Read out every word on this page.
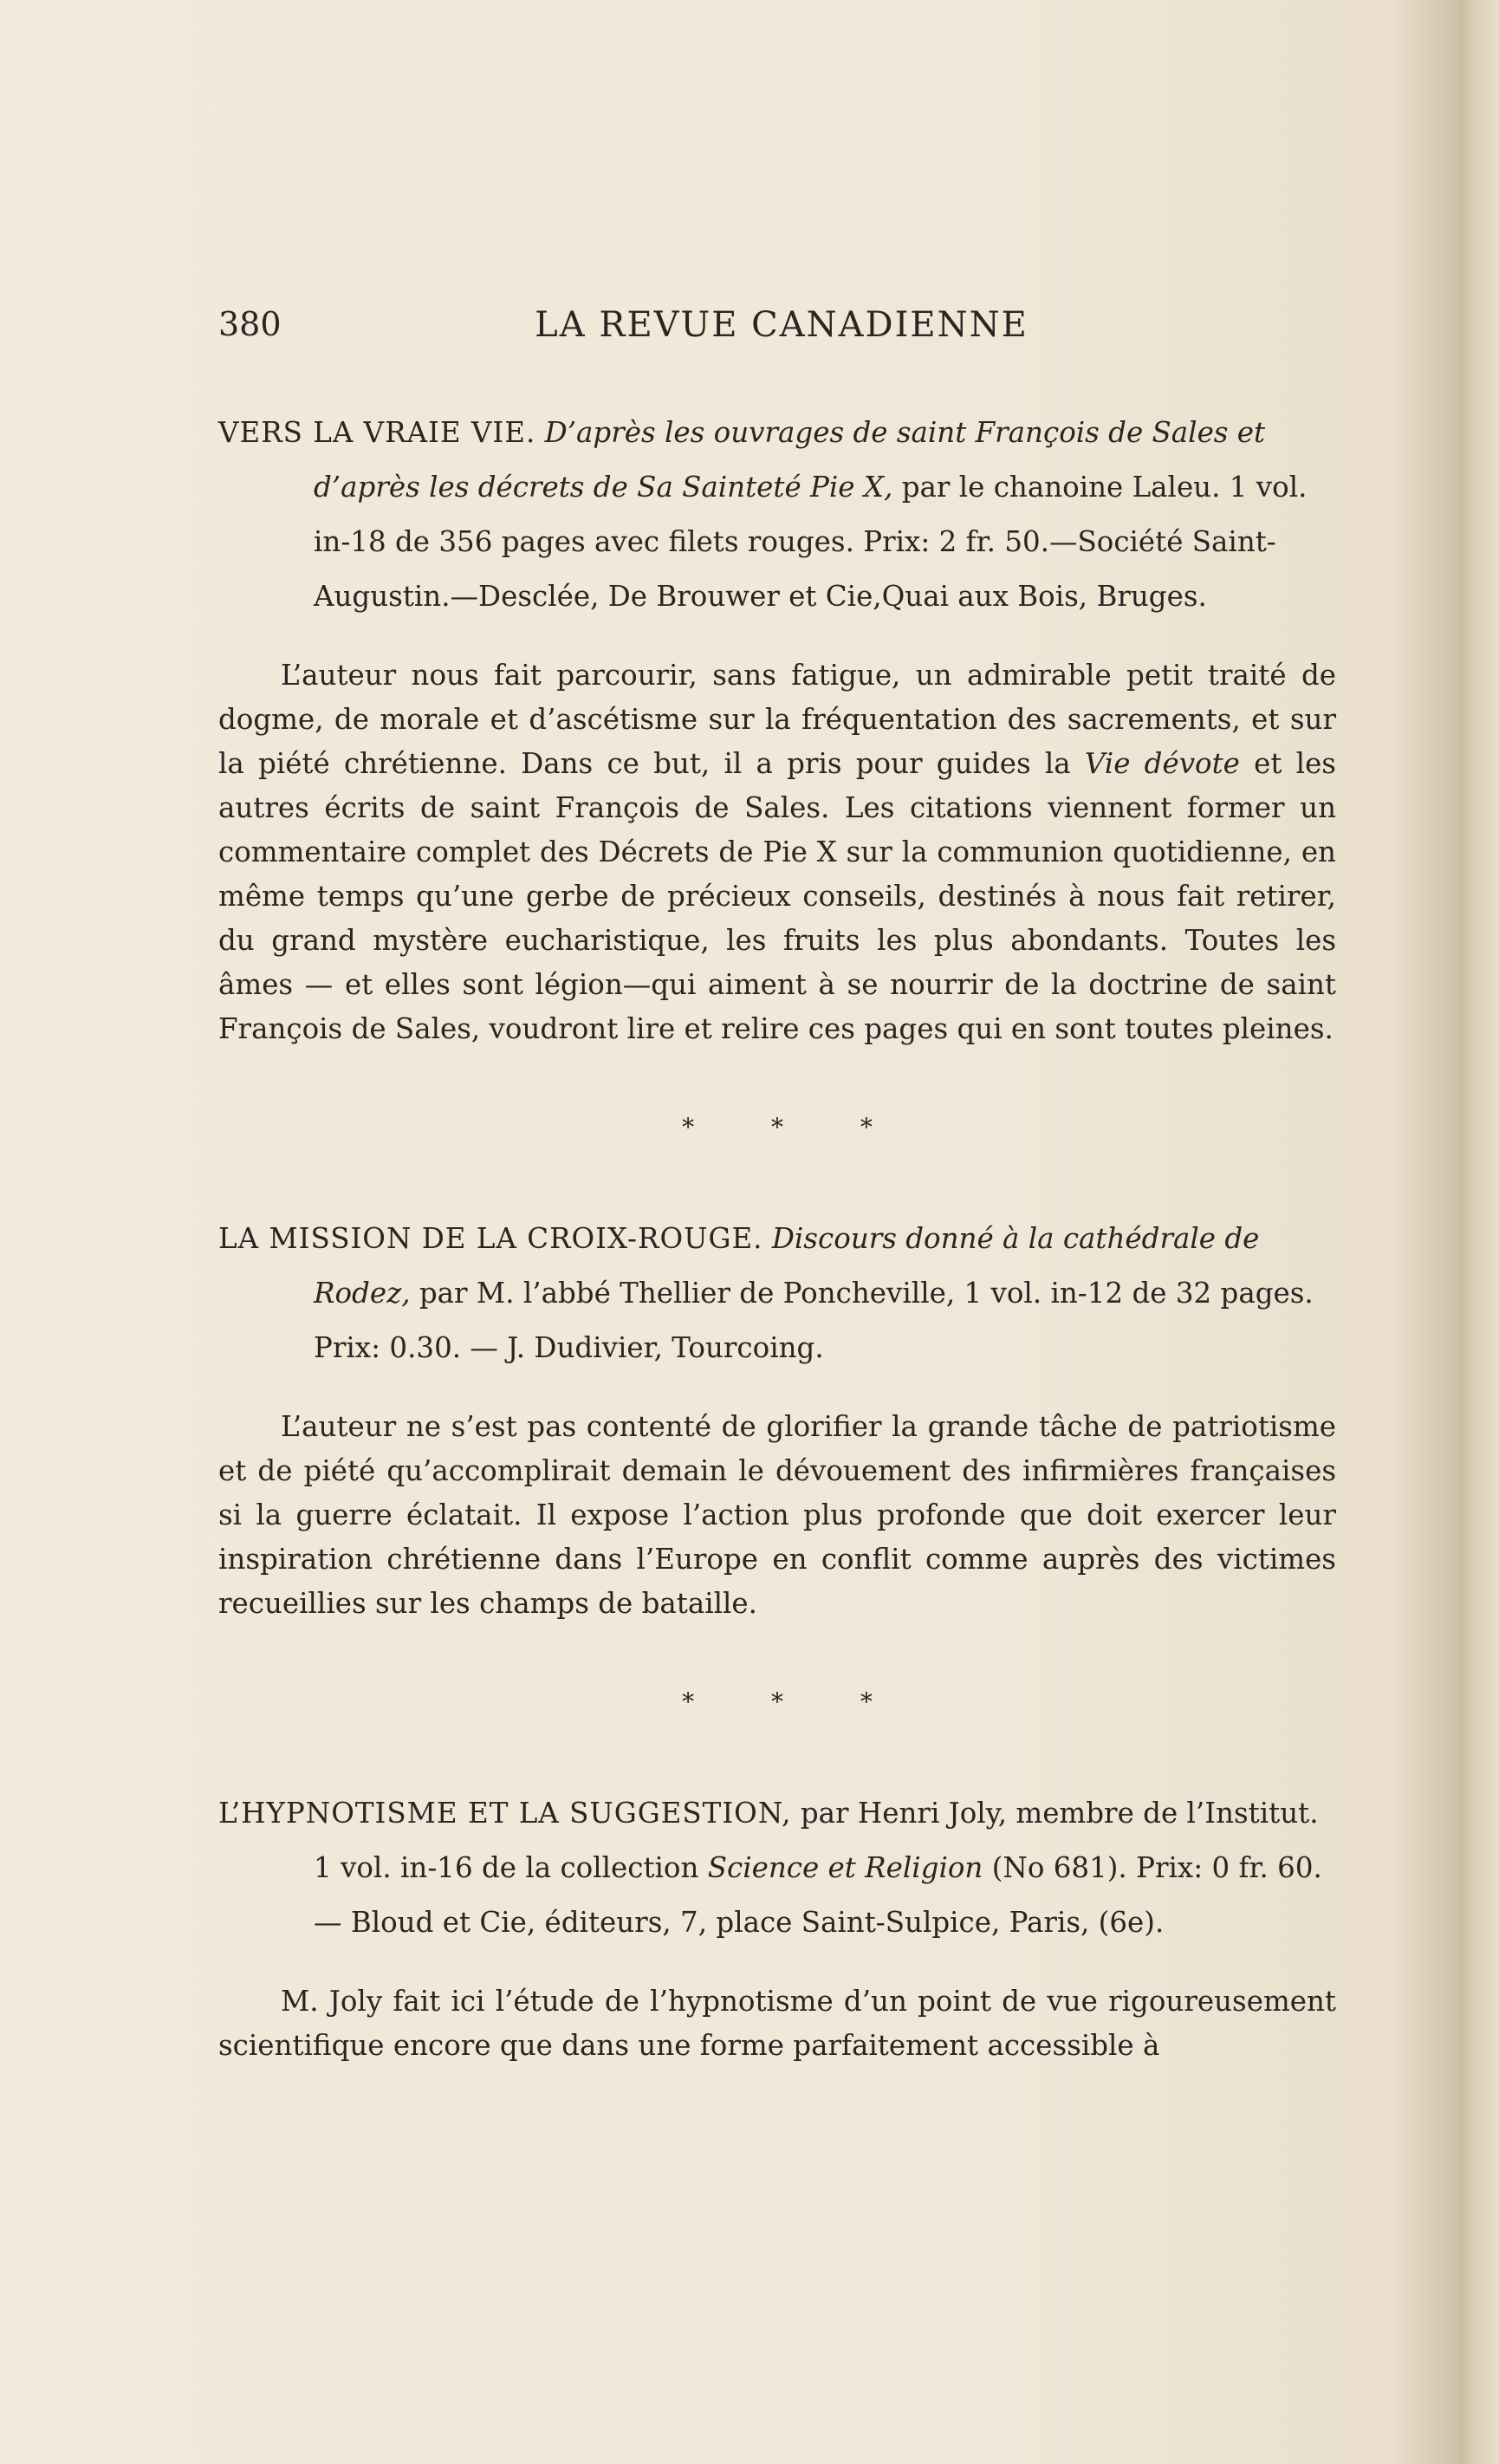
380	LA REVUE CANADIENNE

VERS LA VRAIE VIE. D’après les ouvrages de saint François de Sales et d’après les décrets de Sa Sainteté Pie X, par le chanoine Laleu. 1 vol. in-18 de 356 pages avec filets rouges. Prix: 2 fr. 50.—Société Saint-Augustin.—Desclée, De Brouwer et Cie,Quai aux Bois, Bruges.

L’auteur nous fait parcourir, sans fatigue, un admirable petit traité de dogme, de morale et d’ascétisme sur la fréquentation des sacrements, et sur la piété chrétienne. Dans ce but, il a pris pour guides la Vie dévote et les autres écrits de saint François de Sales. Les citations viennent former un commentaire complet des Décrets de Pie X sur la communion quotidienne, en même temps qu’une gerbe de précieux conseils, destinés à nous fait retirer, du grand mystère eucharistique, les fruits les plus abondants. Toutes les âmes — et elles sont légion—qui aiment à se nourrir de la doctrine de saint François de Sales, voudront lire et relire ces pages qui en sont toutes pleines.

* * *

LA MISSION DE LA CROIX-ROUGE. Discours donné à la cathédrale de Rodez, par M. l’abbé Thellier de Poncheville, 1 vol. in-12 de 32 pages. Prix: 0.30. — J. Dudivier, Tourcoing.

L’auteur ne s’est pas contenté de glorifier la grande tâche de patriotisme et de piété qu’accomplirait demain le dévouement des infirmières françaises si la guerre éclatait. Il expose l’action plus profonde que doit exercer leur inspiration chrétienne dans l’Europe en conflit comme auprès des victimes recueillies sur les champs de bataille.

* * *

L’HYPNOTISME ET LA SUGGESTION, par Henri Joly, membre de l’Institut. 1 vol. in-16 de la collection Science et Religion (No 681). Prix: 0 fr. 60. — Bloud et Cie, éditeurs, 7, place Saint-Sulpice, Paris, (6e).

M. Joly fait ici l’étude de l’hypnotisme d’un point de vue rigoureusement scientifique encore que dans une forme parfaitement accessible à
